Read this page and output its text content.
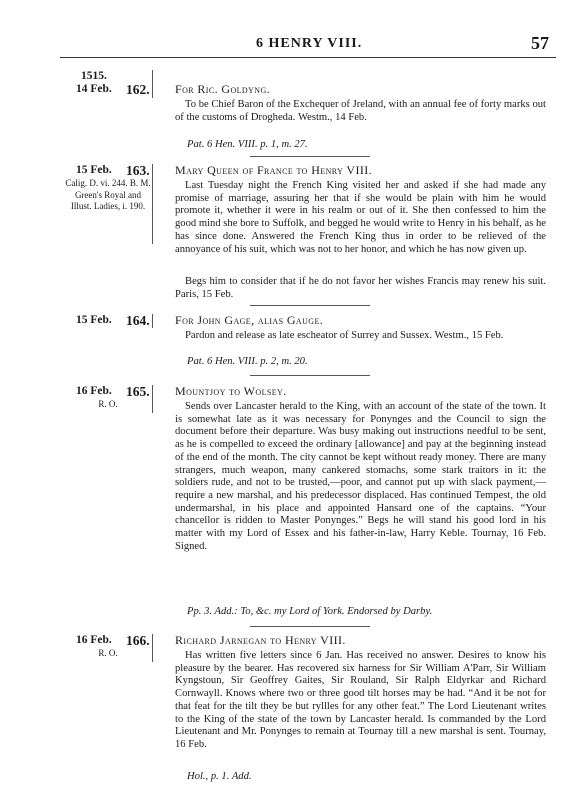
6 HENRY VIII.	57
1515.
14 Feb. 162. For Ric. Goldyng.

To be Chief Baron of the Exchequer of Jreland, with an annual fee of forty marks out of the customs of Droghedа. Westm., 14 Feb.

Pat. 6 Hen. VIII. p. 1, m. 27.
15 Feb. 163.
Calig. D. vi. 244. B. M. Green's Royal and Illust. Ladies, i. 190.
Mary Queen of France to Henry VIII.

Last Tuesday night the French King visited her and asked if she had made any promise of marriage, assuring her that if she would be plain with him he would promote it, whether it were in his realm or out of it. She then confessed to him the good mind she bore to Suffolk, and begged he would write to Henry in his behalf, as he has since done. Answered the French King thus in order to be relieved of the annoyance of his suit, which was not to her honor, and which he has now given up.

Begs him to consider that if he do not favor her wishes Francis may renew his suit. Paris, 15 Feb.

15 Feb. 164. For John Gage, alias Gauge.

Pardon and release as late escheator of Surrey and Sussex. Westm., 15 Feb.

Pat. 6 Hen. VIII. p. 2, m. 20.
16 Feb. 165.
R. O.
Mountjoy to Wolsey.

Sends over Lancaster herald to the King, with an account of the state of the town. It is somewhat late as it was necessary for Ponynges and the Council to sign the document before their departure. Was busy making out instructions needful to be sent, as he is compelled to exceed the ordinary [allowance] and pay at the beginning instead of the end of the month. The city cannot be kept without ready money. There are many strangers, much weapon, many cankered stomachs, some stark traitors in it: the soldiers rude, and not to be trusted,—poor, and cannot put up with slack payment,—require a new marshal, and his predecessor displaced. Has continued Tempest, the old undermarshal, in his place and appointed Hansard one of the captains. “Your chancellor is ridden to Master Ponynges.” Begs he will stand his good lord in his matter with my Lord of Essex and his father-in-law, Harry Keble. Tournay, 16 Feb. Signed.

Pp. 3. Add.: To, &c. my Lord of York. Endorsed by Darby.
16 Feb. 166.
R. O.
Richard Jarnegan to Henry VIII.

Has written five letters since 6 Jan. Has received no answer. Desires to know his pleasure by the bearer. Has recovered six harness for Sir William A'Parr, Sir William Kyngstoun, Sir Geoffrey Gaites, Sir Rouland, Sir Ralph Eldyrkar and Richard Cornwayll. Knows where two or three good tilt horses may be had. “And it be not for that feat for the tilt they be but ryllles for any other feat.” The Lord Lieutenant writes to the King of the state of the town by Lancaster herald. Is commanded by the Lord Lieutenant and Mr. Ponynges to remain at Tournay till a new marshal is sent. Tournay, 16 Feb.

Hol., p. 1. Add.
